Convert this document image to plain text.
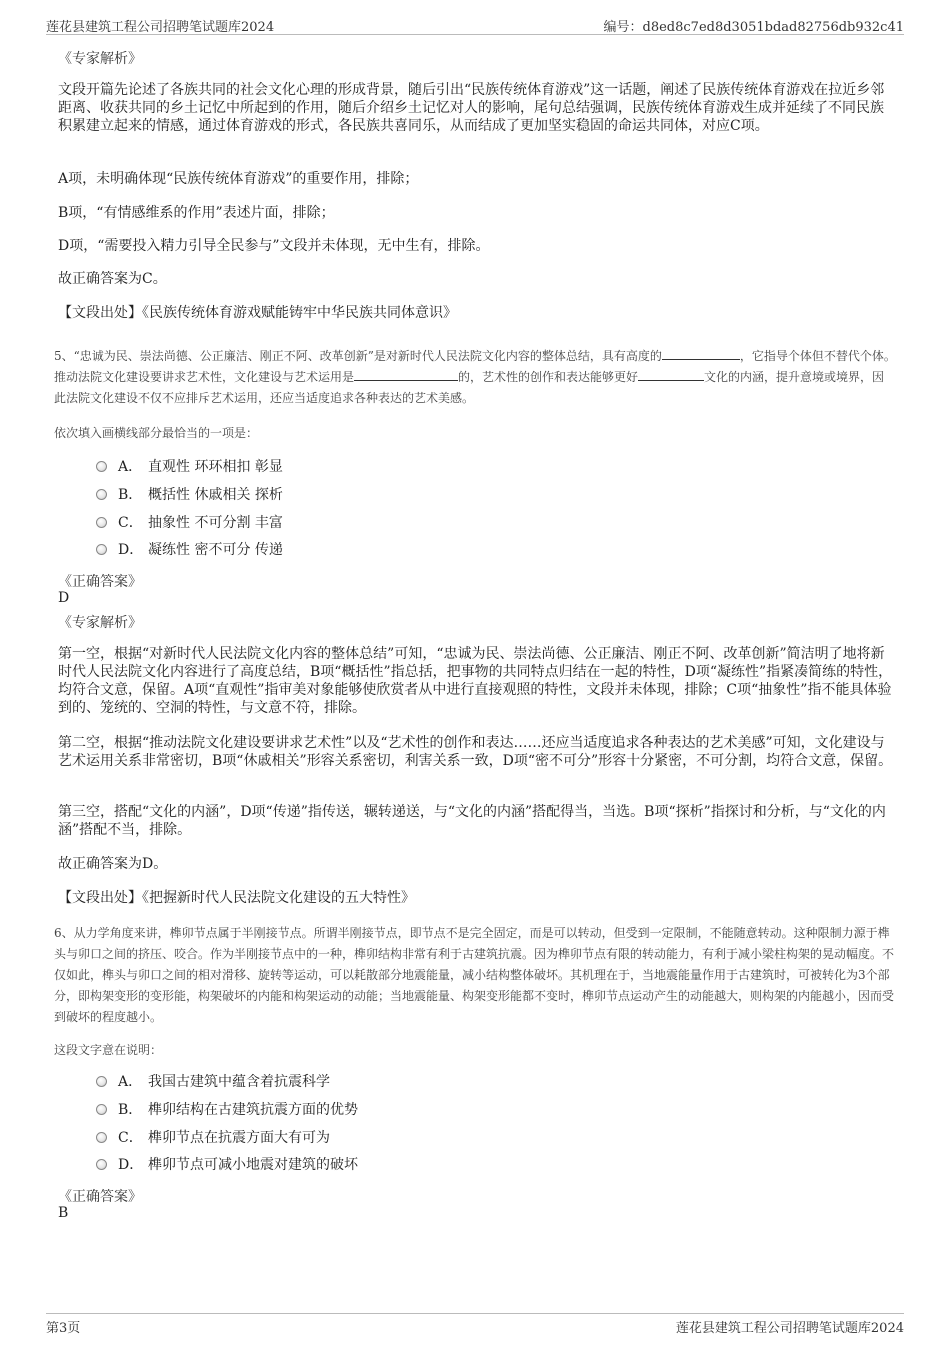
莲花县建筑工程公司招聘笔试题库2024	编号：d8ed8c7ed8d3051bdad82756db932c41
《专家解析》

文段开篇先论述了各族共同的社会文化心理的形成背景，随后引出“民族传统体育游戏”这一话题，阐述了民族传统体育游戏在拉近乡邻距离、收获共同的乡土记忆中所起到的作用，随后介绍乡土记忆对人的影响，尾句总结强调，民族传统体育游戏生成并延续了不同民族积累建立起来的情感，通过体育游戏的形式，各民族共喜同乐，从而结成了更加坚实稳固的命运共同体，对应C项。

A项，未明确体现“民族传统体育游戏”的重要作用，排除；

B项，“有情感维系的作用”表述片面，排除；

D项，“需要投入精力引导全民参与”文段并未体现，无中生有，排除。

故正确答案为C。

【文段出处】《民族传统体育游戏赋能铸牢中华民族共同体意识》

5、“忠诚为民、崇法尚德、公正廉洁、刚正不阿、改革创新”是对新时代人民法院文化内容的整体总结，具有高度的	，它指导个体但不替代个体。推动法院文化建设要讲求艺术性，文化建设与艺术运用是	的，艺术性的创作和表达能够更好	文化的内涵，提升意境或境界，因此法院文化建设不仅不应排斥艺术运用，还应当适度追求各种表达的艺术美感。

依次填入画横线部分最恰当的一项是：
A． 直观性 环环相扣 彰显
B． 概括性 休戚相关 探析
C． 抽象性 不可分割 丰富
D． 凝练性 密不可分 传递
《正确答案》
D
《专家解析》

第一空，根据“对新时代人民法院文化内容的整体总结”可知，“忠诚为民、崇法尚德、公正廉洁、刚正不阿、改革创新”简洁明了地将新时代人民法院文化内容进行了高度总结，B项“概括性”指总括，把事物的共同特点归结在一起的特性，D项“凝练性”指紧凑简练的特性，均符合文意，保留。A项“直观性”指审美对象能够使欣赏者从中进行直接观照的特性，文段并未体现，排除；C项“抽象性”指不能具体验到的、笼统的、空洞的特性，与文意不符，排除。

第二空，根据“推动法院文化建设要讲求艺术性”以及“艺术性的创作和表达……还应当适度追求各种表达的艺术美感”可知，文化建设与艺术运用关系非常密切，B项“休戚相关”形容关系密切，利害关系一致，D项“密不可分”形容十分紧密，不可分割，均符合文意，保留。

第三空，搭配“文化的内涵”，D项“传递”指传送，辗转递送，与“文化的内涵”搭配得当，当选。B项“探析”指探讨和分析，与“文化的内涵”搭配不当，排除。

故正确答案为D。

【文段出处】《把握新时代人民法院文化建设的五大特性》

6、从力学角度来讲，榫卯节点属于半刚接节点。所谓半刚接节点，即节点不是完全固定，而是可以转动，但受到一定限制，不能随意转动。这种限制力源于榫头与卯口之间的挤压、咬合。作为半刚接节点中的一种，榫卯结构非常有利于古建筑抗震。因为榫卯节点有限的转动能力，有利于减小梁柱构架的晃动幅度。不仅如此，榫头与卯口之间的相对滑移、旋转等运动，可以耗散部分地震能量，减小结构整体破坏。其机理在于，当地震能量作用于古建筑时，可被转化为3个部分，即构架变形的变形能，构架破坏的内能和构架运动的动能；当地震能量、构架变形能都不变时，榫卯节点运动产生的动能越大，则构架的内能越小，因而受到破坏的程度越小。

这段文字意在说明：
A． 我国古建筑中蕴含着抗震科学
B． 榫卯结构在古建筑抗震方面的优势
C． 榫卯节点在抗震方面大有可为
D． 榫卯节点可减小地震对建筑的破坏
《正确答案》
B
第3页	莲花县建筑工程公司招聘笔试题库2024
